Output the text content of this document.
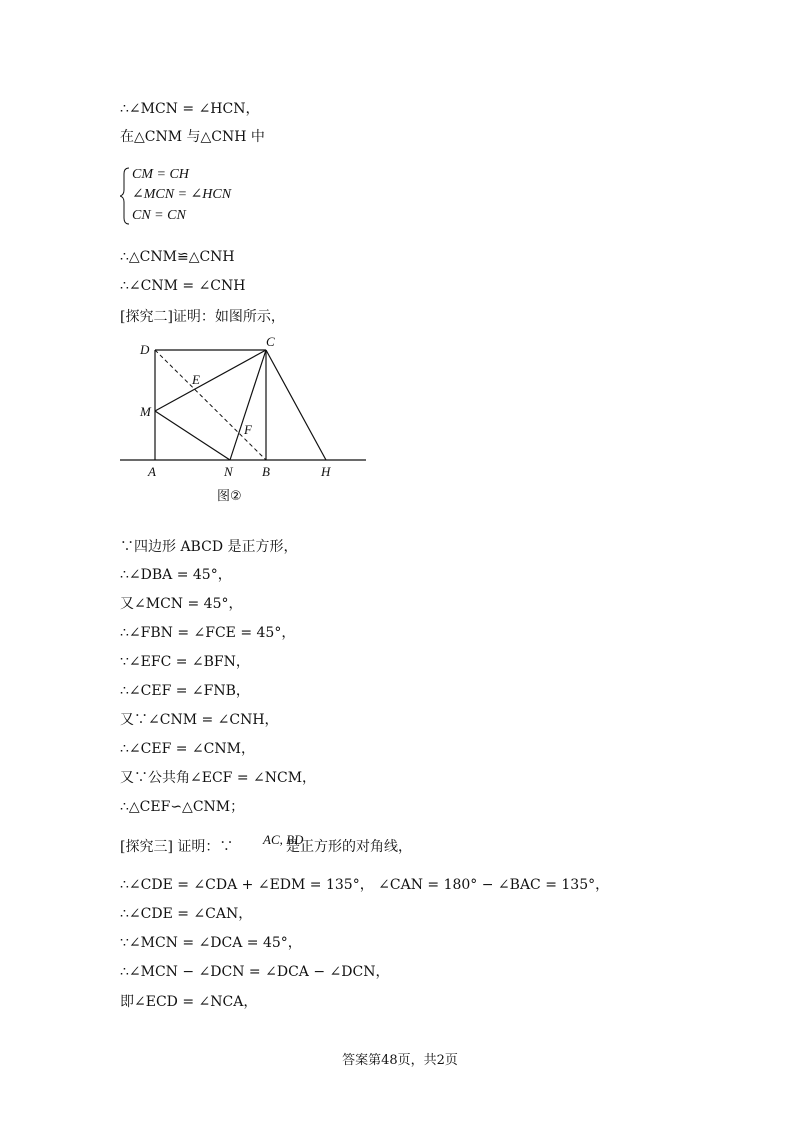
∴∠MCN = ∠HCN，
在△CNM 与△CNH 中
CM = CH
∠MCN = ∠HCN
CN = CN
∴△CNM≌△CNH
∴∠CNM = ∠CNH
[探究二]证明：如图所示，
D
C
E
M
F
A	N B	H
图②
∵四边形 ABCD 是正方形，
∴∠DBA = 45°，
又∠MCN = 45°，
∴∠FBN = ∠FCE = 45°，
∵∠EFC = ∠BFN，
∴∠CEF = ∠FNB，
又∵∠CNM = ∠CNH，
∴∠CEF = ∠CNM，
又∵公共角∠ECF = ∠NCM，
∴△CEF∽△CNM；
[探究三] 证明：∵ AC, BD
是正方形的对角线，
∴∠CDE = ∠CDA + ∠EDM = 135°， ∠CAN = 180° − ∠BAC = 135°，
∴∠CDE = ∠CAN，
∵∠MCN = ∠DCA = 45°，
∴∠MCN − ∠DCN = ∠DCA − ∠DCN，
即∠ECD = ∠NCA，
答案第48页，共2页
